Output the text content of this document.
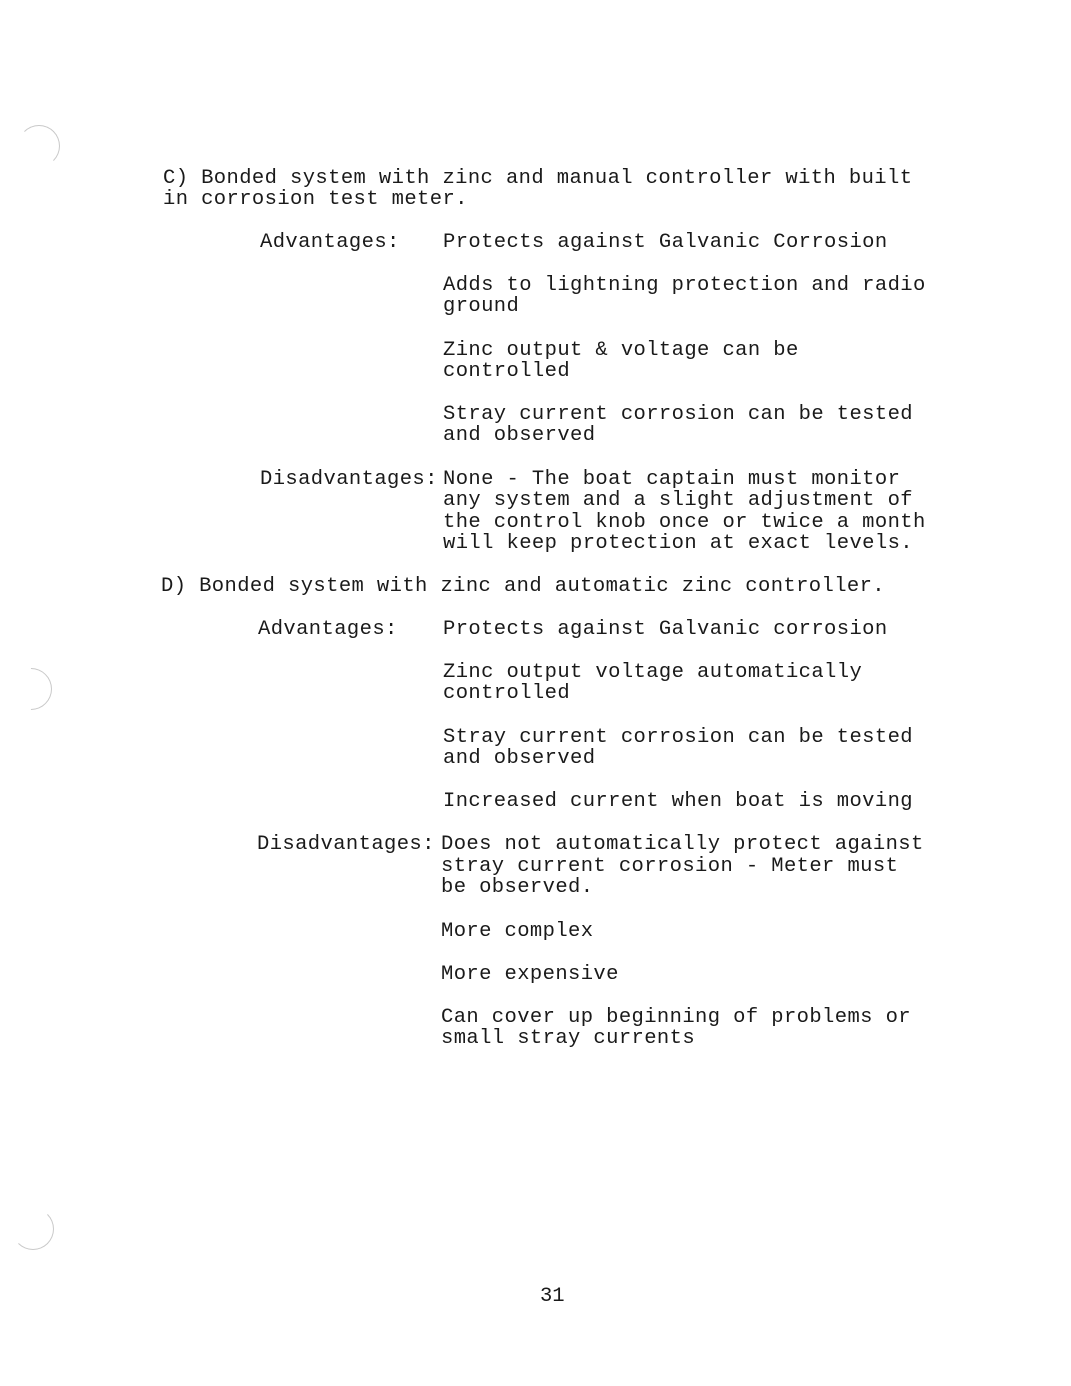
C) Bonded system with zinc and manual controller with built

in corrosion test meter.

Advantages: Protects against Galvanic Corrosion

Adds to lightning protection and radio

ground

Zinc output & voltage can be

controlled

Stray current corrosion can be tested

and observed

Disadvantages: None - The boat captain must monitor

any system and a slight adjustment of

the control knob once or twice a month

will keep protection at exact levels.

D) Bonded system with zinc and automatic zinc controller.

Advantages: Protects against Galvanic corrosion

Zinc output voltage automatically

controlled

Stray current corrosion can be tested

and observed

Increased current when boat is moving

Disadvantages: Does not automatically protect against

stray current corrosion - Meter must

be observed.

More complex

More expensive

Can cover up beginning of problems or

small stray currents

31
